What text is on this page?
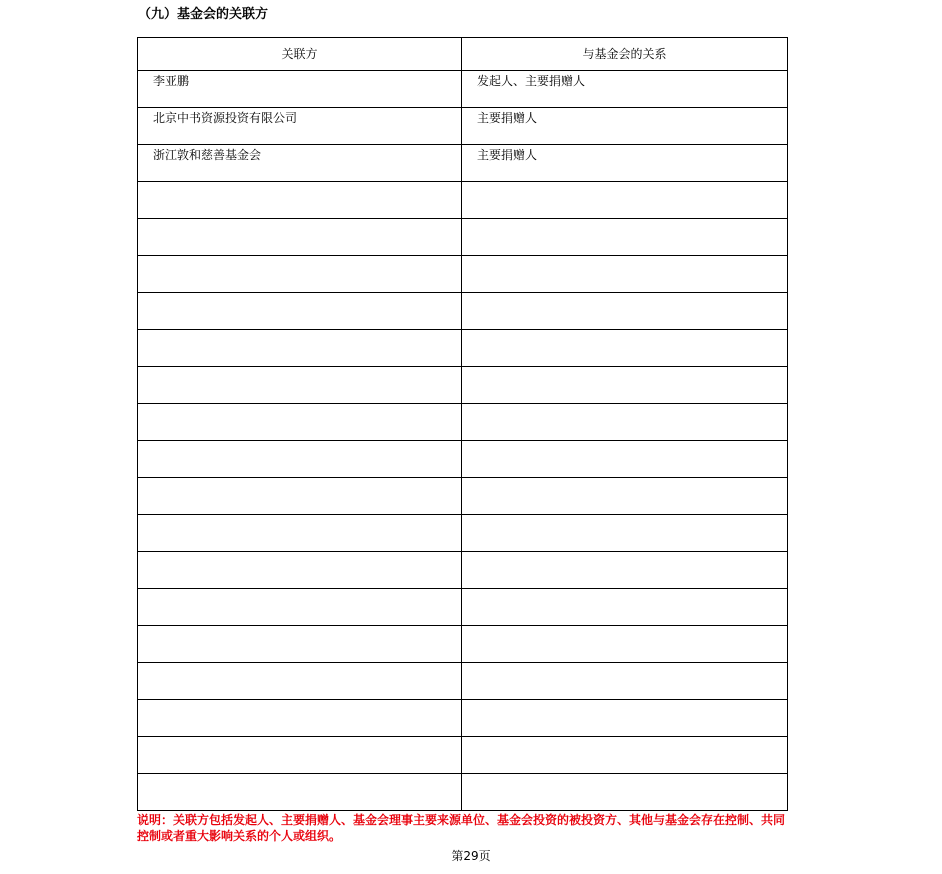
（九）基金会的关联方
关联方	与基金会的关系

李亚鹏	发起人、主要捐赠人

北京中书资源投资有限公司	主要捐赠人

浙江敦和慈善基金会	主要捐赠人

说明：关联方包括发起人、主要捐赠人、基金会理事主要来源单位、基金会投资的被投资方、其他与基金会存在控制、共同控制或者重大影响关系的个人或组织。
第29页
